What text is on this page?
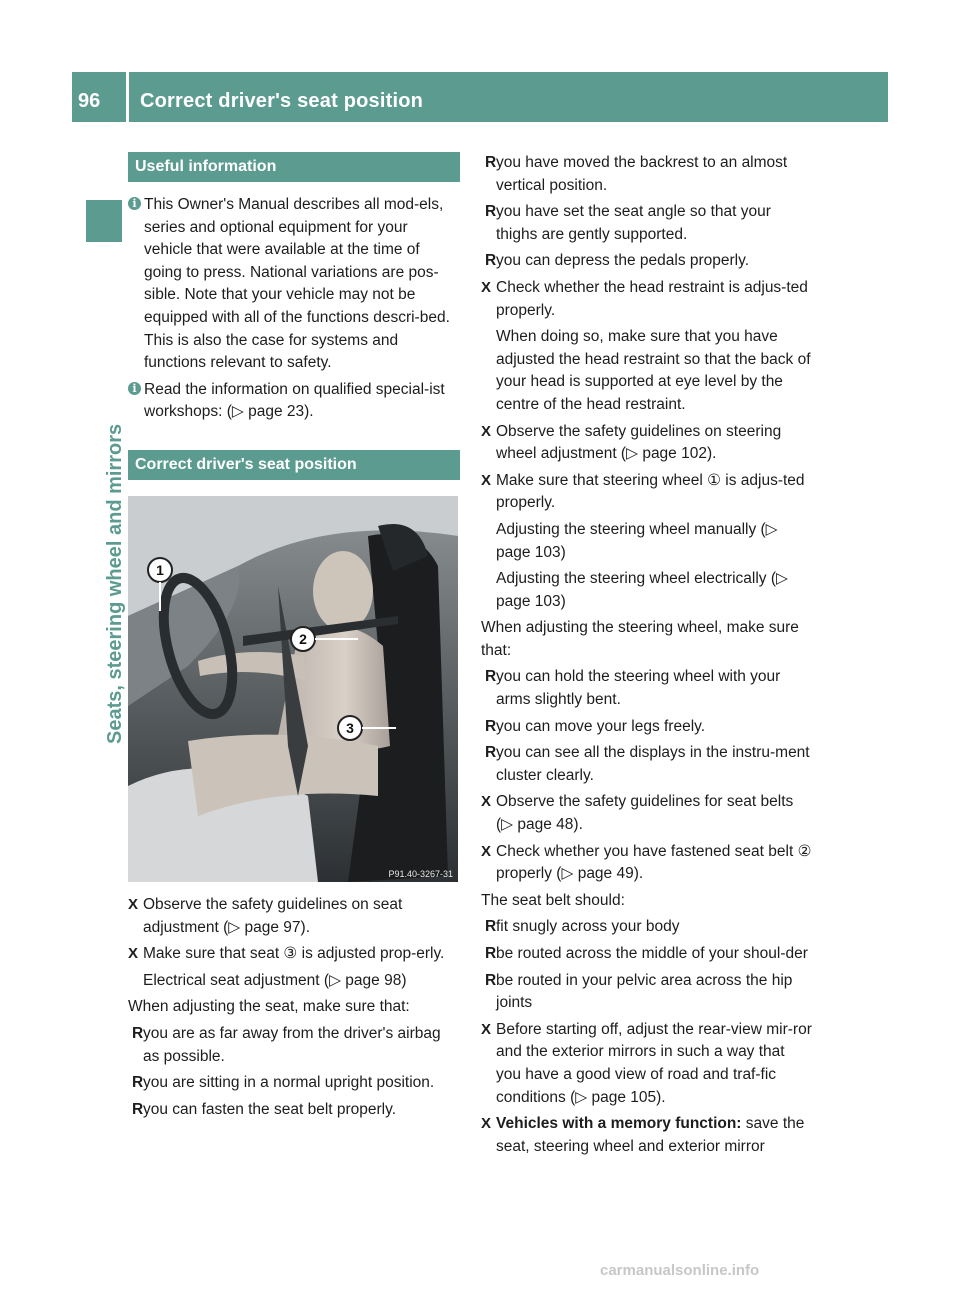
96 Correct driver's seat position
Seats, steering wheel and mirrors
Useful information
i This Owner's Manual describes all mod-els, series and optional equipment for your vehicle that were available at the time of going to press. National variations are pos-sible. Note that your vehicle may not be equipped with all of the functions descri-bed. This is also the case for systems and functions relevant to safety.
i Read the information on qualified special-ist workshops: (▷ page 23).
Correct driver's seat position
1
2
3
P91.40-3267-31
X Observe the safety guidelines on seat adjustment (▷ page 97).
X Make sure that seat ③ is adjusted prop-erly.
Electrical seat adjustment (▷ page 98)
When adjusting the seat, make sure that:
R you are as far away from the driver's airbag as possible.
R you are sitting in a normal upright position.
R you can fasten the seat belt properly.
R you have moved the backrest to an almost vertical position.
R you have set the seat angle so that your thighs are gently supported.
R you can depress the pedals properly.
X Check whether the head restraint is adjus-ted properly.
When doing so, make sure that you have adjusted the head restraint so that the back of your head is supported at eye level by the centre of the head restraint.
X Observe the safety guidelines on steering wheel adjustment (▷ page 102).
X Make sure that steering wheel ① is adjus-ted properly.
Adjusting the steering wheel manually (▷ page 103)
Adjusting the steering wheel electrically (▷ page 103)
When adjusting the steering wheel, make sure that:
R you can hold the steering wheel with your arms slightly bent.
R you can move your legs freely.
R you can see all the displays in the instru-ment cluster clearly.
X Observe the safety guidelines for seat belts (▷ page 48).
X Check whether you have fastened seat belt ② properly (▷ page 49).
The seat belt should:
R fit snugly across your body
R be routed across the middle of your shoul-der
R be routed in your pelvic area across the hip joints
X Before starting off, adjust the rear-view mir-ror and the exterior mirrors in such a way that you have a good view of road and traf-fic conditions (▷ page 105).
X Vehicles with a memory function: save the seat, steering wheel and exterior mirror
carmanualsonline.info
